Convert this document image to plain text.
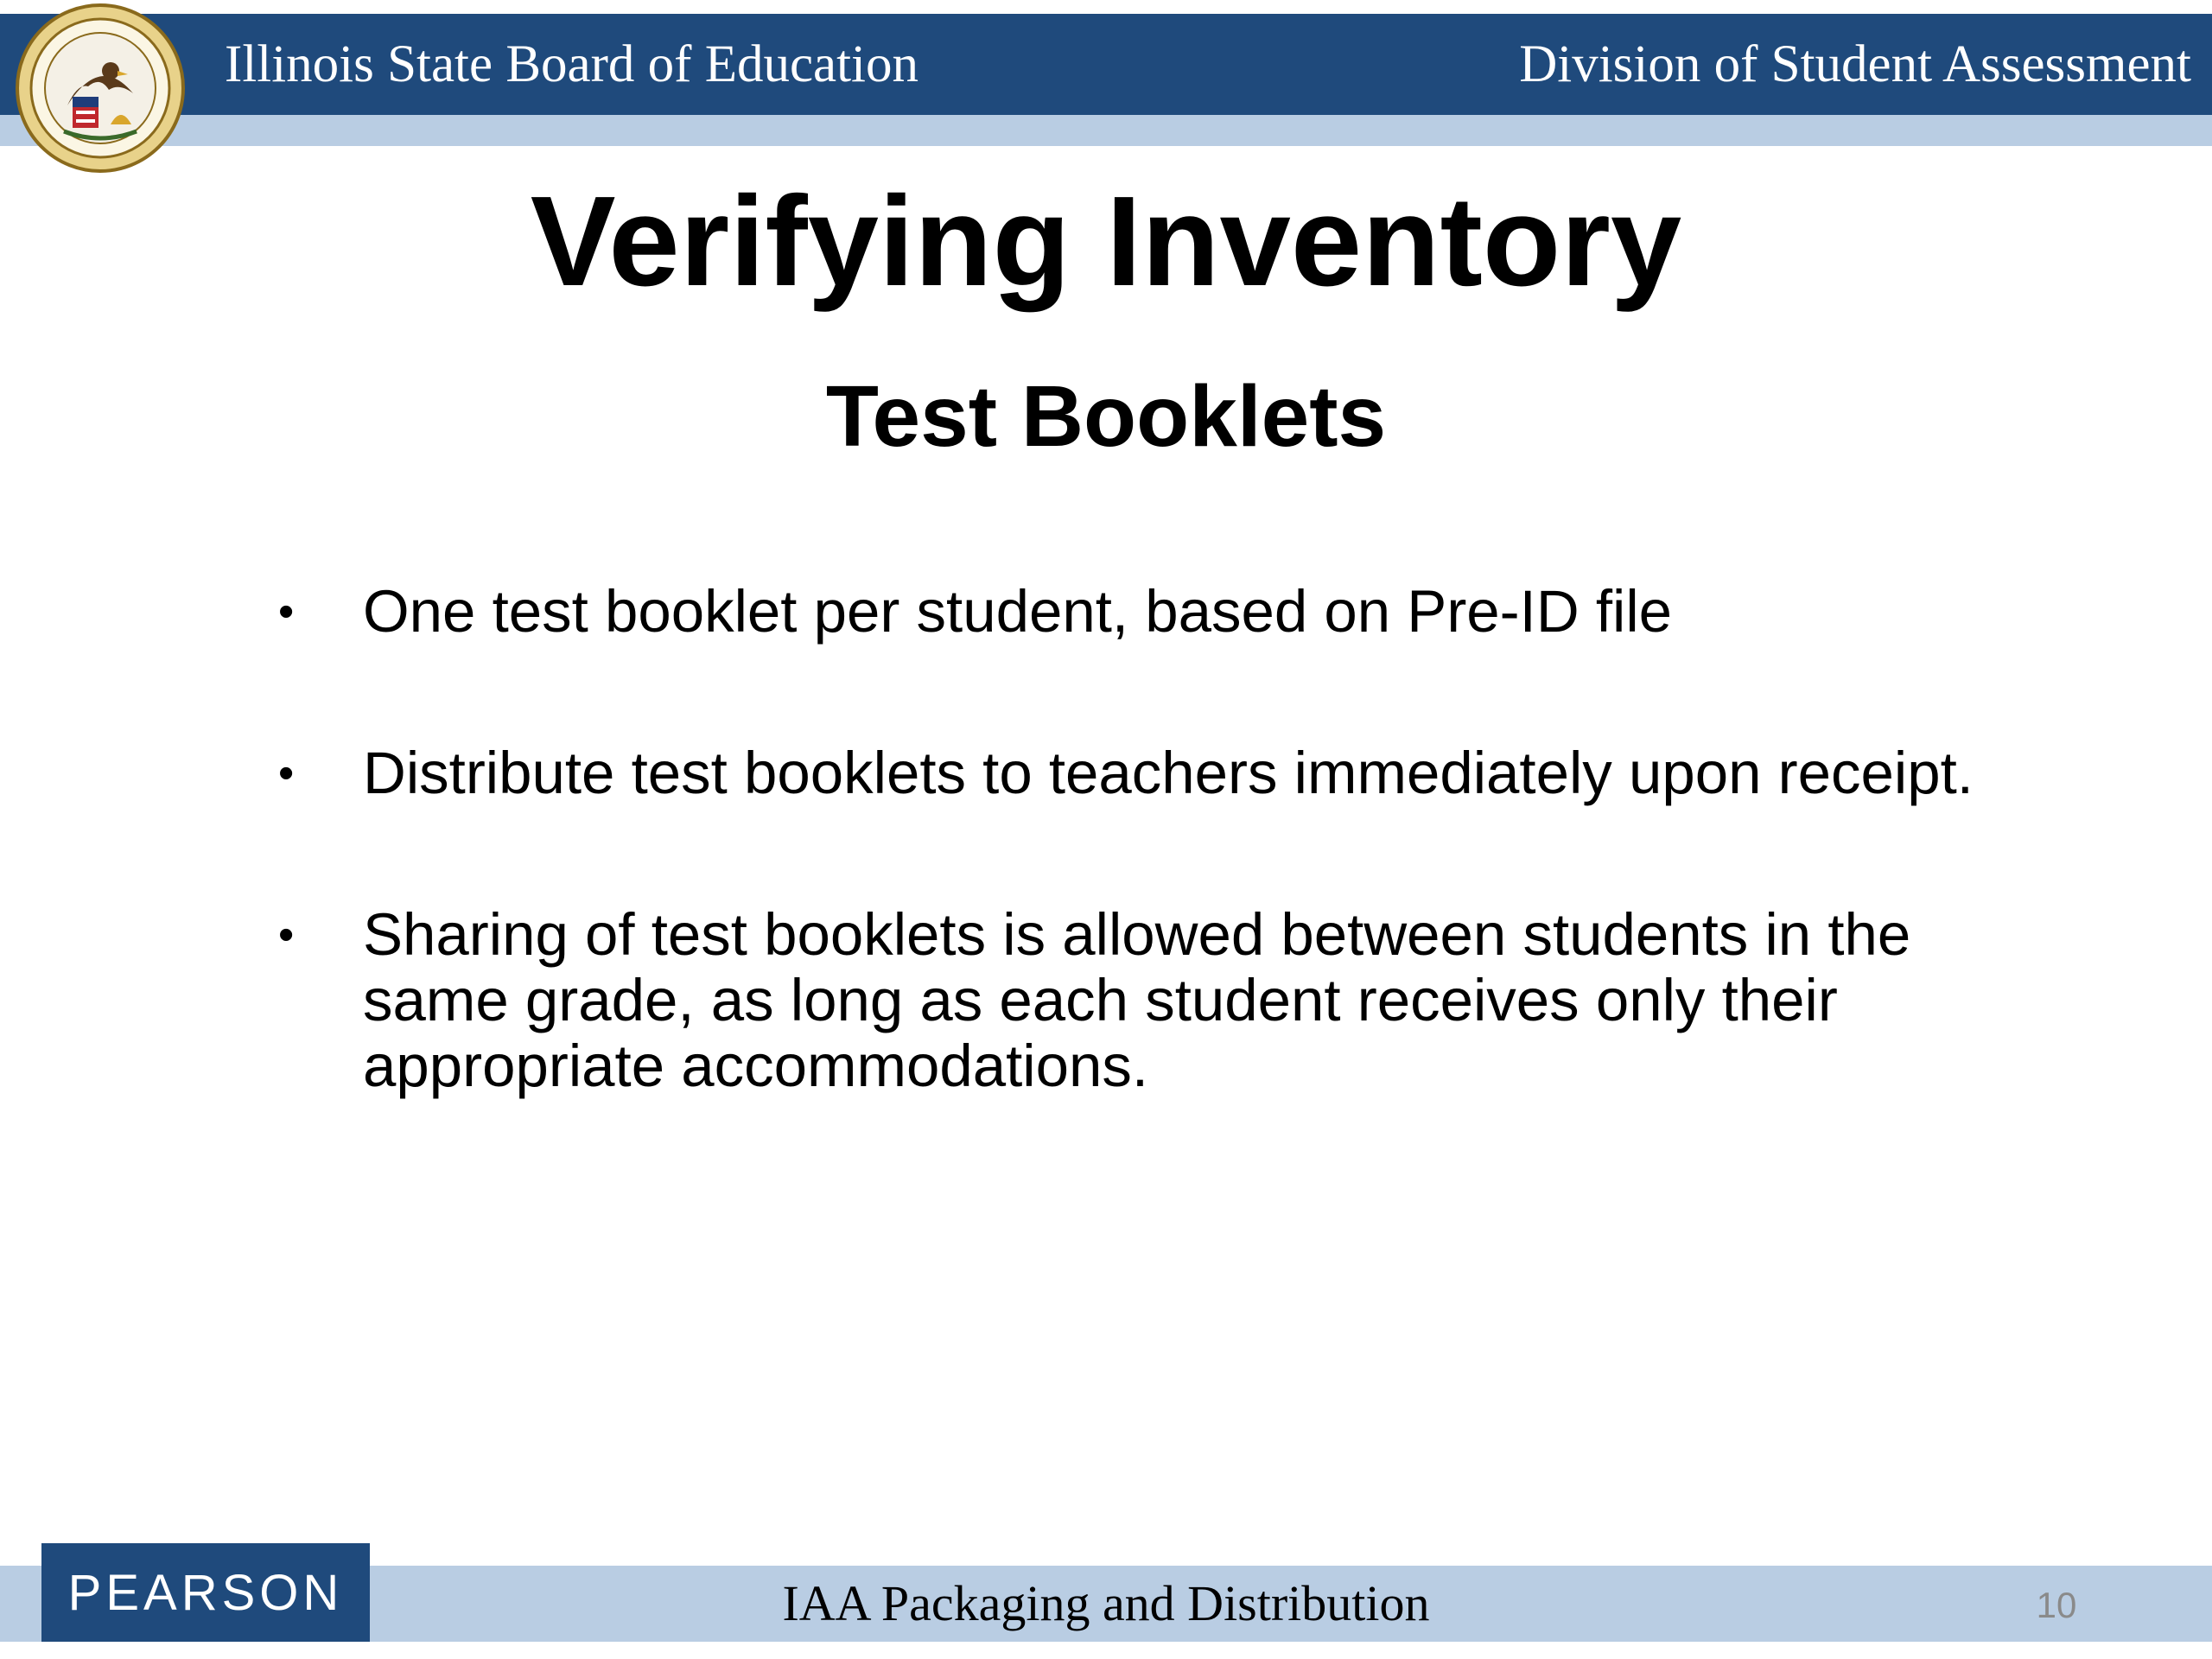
Illinois State Board of Education	Division of Student Assessment
Verifying Inventory
Test Booklets
• One test booklet per student, based on Pre-ID file
• Distribute test booklets to teachers immediately upon receipt.
• Sharing of test booklets is allowed between students in the same grade, as long as each student receives only their appropriate accommodations.
PEARSON	IAA Packaging and Distribution	10
